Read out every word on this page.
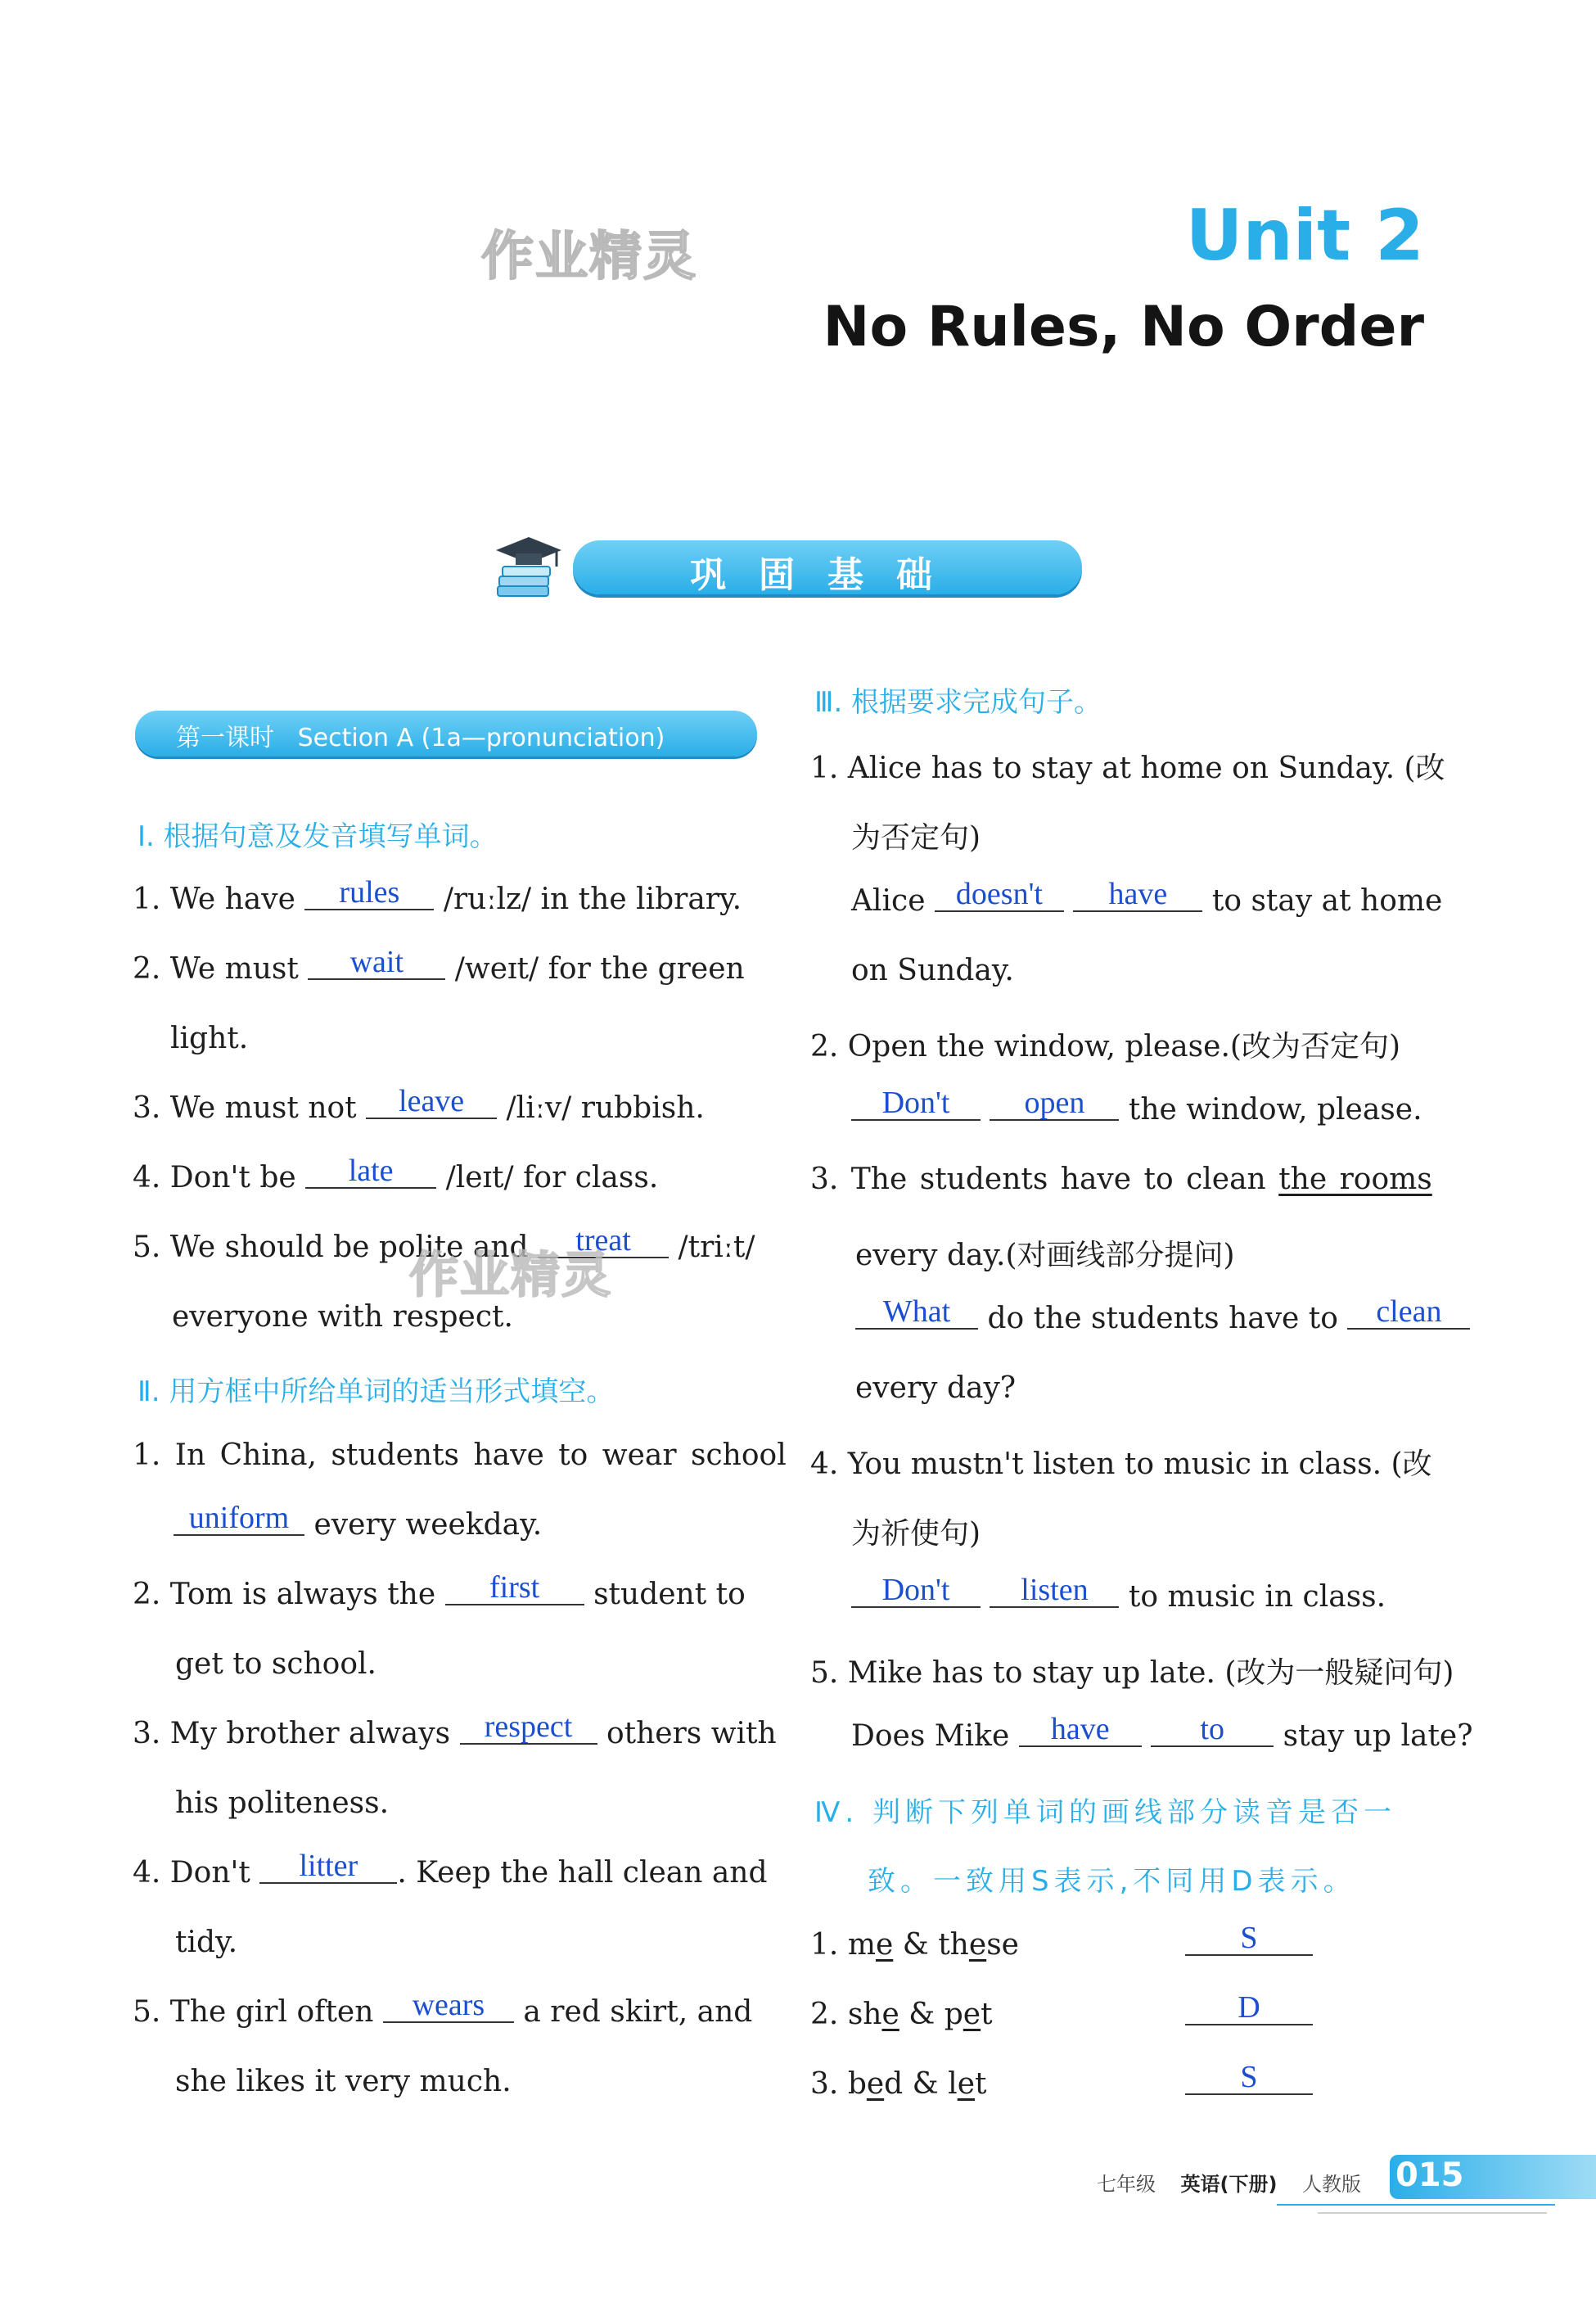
作业精灵	Unit 2
No Rules, No Order
巩固基础
第一课时 Section A (1a—pronunciation)
Ⅰ. 根据句意及发音填写单词。
1. We have	rules	/ruːlz/ in the library.
2. We must	wait	/weɪt/ for the green
light.
3. We must not	leave	/liːv/ rubbish.
4. Don't be	late	/leɪt/ for class.
5. We should be polite and	treat	/triːt/
作业精灵
everyone with respect.
Ⅱ. 用方框中所给单词的适当形式填空。
1. In China, students have to wear school
uniform every weekday.
2. Tom is always the	first	student to
get to school.
3. My brother always	respect	others with
his politeness.
4. Don't	litter	. Keep the hall clean and
tidy.
5. The girl often	wears	a red skirt, and
she likes it very much.
Ⅲ. 根据要求完成句子。
1. Alice has to stay at home on Sunday. (改
为否定句)
Alice doesn't
	have	to stay at home
on Sunday.
2. Open the window, please.(改为否定句)
Don't
	open	the window, please.
3. The students have to clean the rooms
every day.(对画线部分提问)
What	do the students have to	clean
every day?
4. You mustn't listen to music in class. (改
为祈使句)
Don't
	listen	to music in class.
5. Mike has to stay up late. (改为一般疑问句)
Does Mike	have
	to	stay up late?
Ⅳ. 判断下列单词的画线部分读音是否一
致。一致用S表示,不同用D表示。
1. me & these	S
2. she & pet	D
3. bed & let	S
七年级 英语(下册) 人教版 015
